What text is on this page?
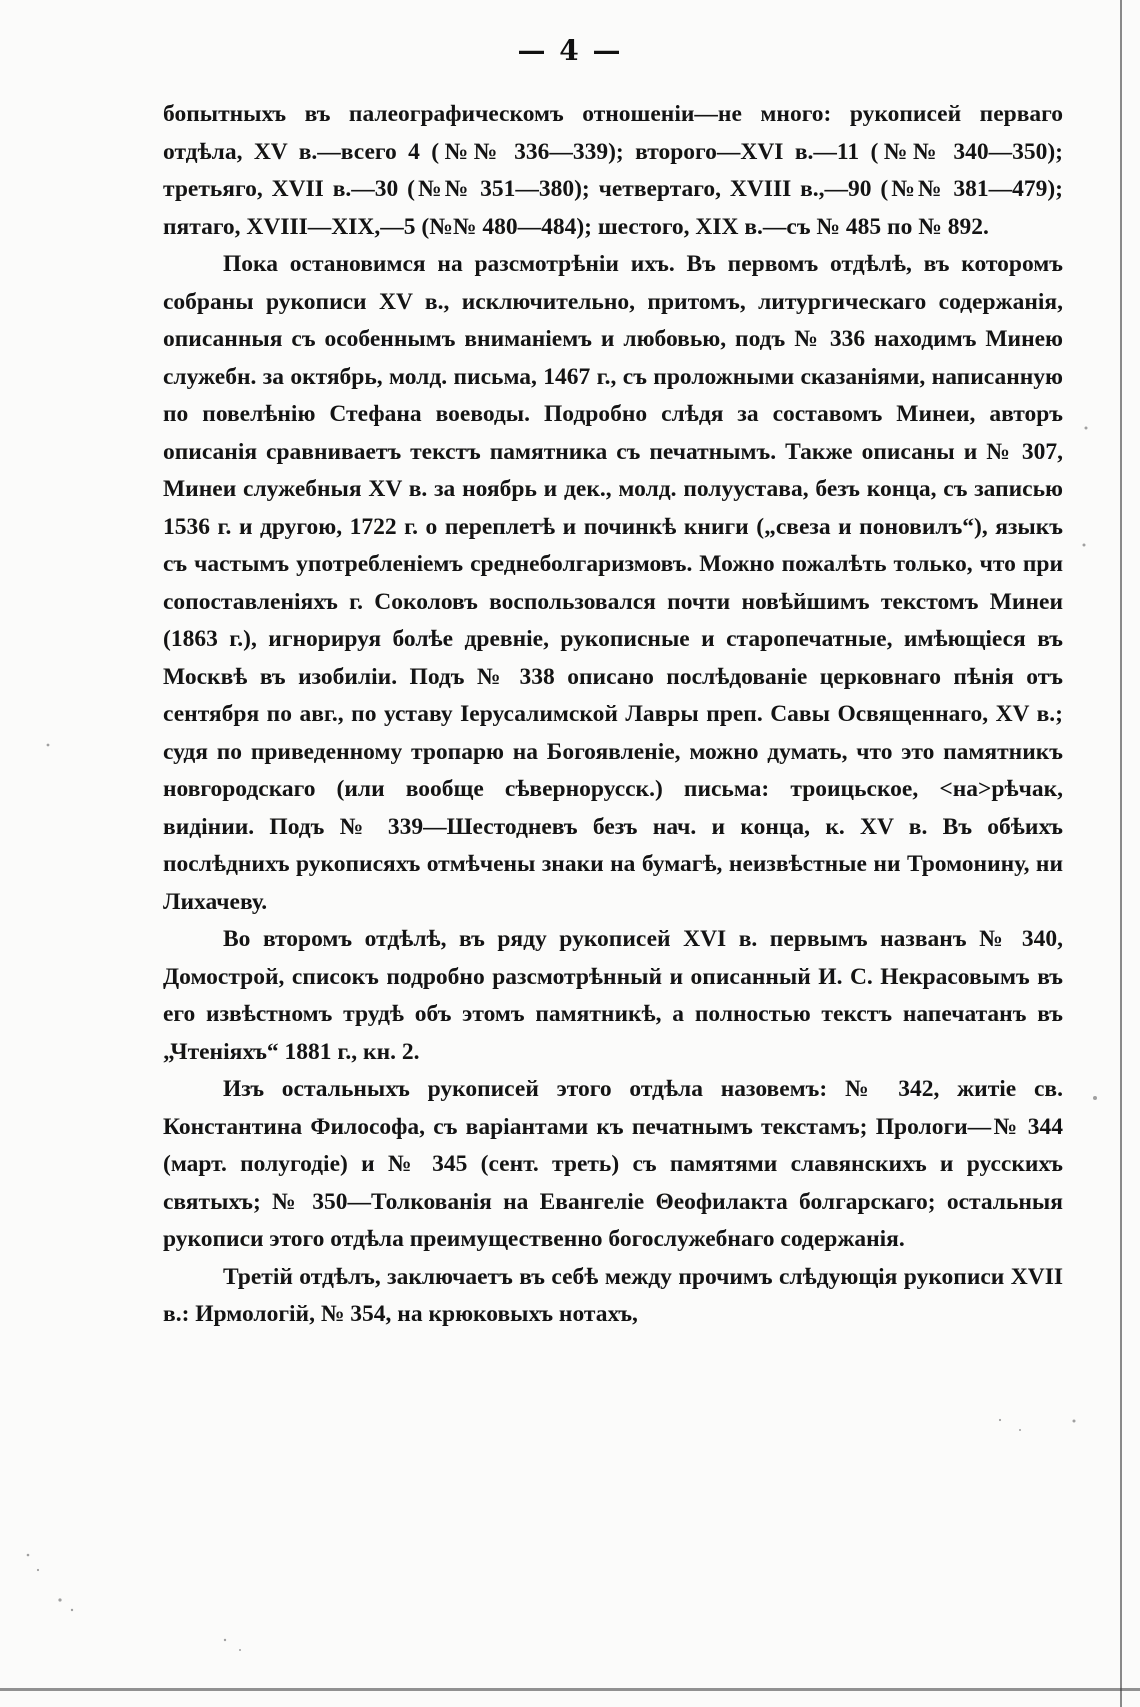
— 4 —

бопытныхъ въ палеографическомъ отношенiи—не много: рукописей перваго отдѣла, XV в.—всего 4 (№№ 336—339); второго—XVI в.—11 (№№ 340—350); третьяго, XVII в.—30 (№№ 351—380); четвертаго, XVIII в.,—90 (№№ 381—479); пятаго, XVIII—XIX,—5 (№№ 480—484); шестого, XIX в.—съ № 485 по № 892.

Пока остановимся на разсмотрѣнiи ихъ. Въ первомъ отдѣлѣ, въ которомъ собраны рукописи XV в., исключительно, притомъ, литургическаго содержанiя, описанныя съ особеннымъ вниманiемъ и любовью, подъ № 336 находимъ Минею служебн. за октябрь, молд. письма, 1467 г., съ проложными сказанiями, написанную по повелѣнiю Стефана воеводы. Подробно слѣдя за составомъ Минеи, авторъ описанiя сравниваетъ текстъ памятника съ печатнымъ. Также описаны и № 307, Минеи служебныя XV в. за ноябрь и дек., молд. полуустава, безъ конца, съ записью 1536 г. и другою, 1722 г. о переплетѣ и починкѣ книги („свеза и поновилъ“), языкъ съ частымъ употребленiемъ среднеболгаризмовъ. Можно пожалѣть только, что при сопоставленiяхъ г. Соколовъ воспользовался почти новѣйшимъ текстомъ Минеи (1863 г.), игнорируя болѣе древнiе, рукописные и старопечатные, имѣющiеся въ Москвѣ въ изобилiи. Подъ № 338 описано послѣдованiе церковнаго пѣнiя отъ сентября по авг., по уставу Iерусалимской Лавры преп. Савы Освященнаго, XV в.; судя по приведенному тропарю на Богоявленiе, можно думать, что это памятникъ новгородскаго (или вообще сѣвернорусск.) письма: троицьское, <на>рѣчак, видiнии. Подъ № 339—Шестодневъ безъ нач. и конца, к. XV в. Въ обѣихъ послѣднихъ рукописяхъ отмѣчены знаки на бумагѣ, неизвѣстные ни Тромонину, ни Лихачеву.

Во второмъ отдѣлѣ, въ ряду рукописей XVI в. первымъ названъ № 340, Домострой, списокъ подробно разсмотрѣнный и описанный И. С. Некрасовымъ въ его извѣстномъ трудѣ объ этомъ памятникѣ, а полностью текстъ напечатанъ въ „Чтенiяхъ“ 1881 г., кн. 2.

Изъ остальныхъ рукописей этого отдѣла назовемъ: № 342, житiе св. Константина Философа, съ варiантами къ печатнымъ текстамъ; Прологи—№ 344 (март. полугодiе) и № 345 (сент. треть) съ памятями славянскихъ и русскихъ святыхъ; № 350—Толкованiя на Евангелiе Θеофилакта болгарскаго; остальныя рукописи этого отдѣла преимущественно богослужебнаго содержанiя.

Третiй отдѣлъ, заключаетъ въ себѣ между прочимъ слѣдующiя рукописи XVII в.: Ирмологiй, № 354, на крюковыхъ нотахъ,
